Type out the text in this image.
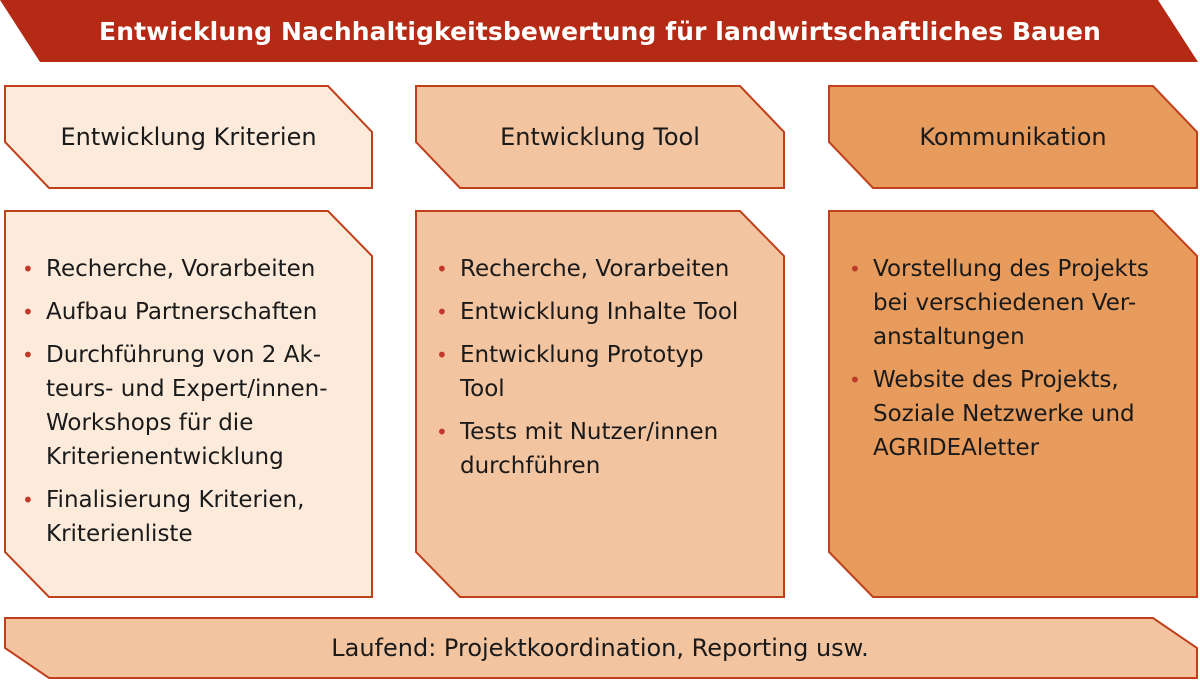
Entwicklung Nachhaltigkeitsbewertung für landwirtschaftliches Bauen
Entwicklung Kriterien	Entwicklung Tool	Kommunikation
• Recherche, Vorarbeiten
• Aufbau Partnerschaften
• Durchführung von 2 Ak-
teurs- und Expert/innen-
Workshops für die
Kriterienentwicklung
• Finalisierung Kriterien,
Kriterienliste
• Recherche, Vorarbeiten
• Entwicklung Inhalte Tool
• Entwicklung Prototyp
Tool
• Tests mit Nutzer/innen
durchführen
• Vorstellung des Projekts
bei verschiedenen Ver-
anstaltungen
• Website des Projekts,
Soziale Netzwerke und
AGRIDEAletter
Laufend: Projektkoordination, Reporting usw.
